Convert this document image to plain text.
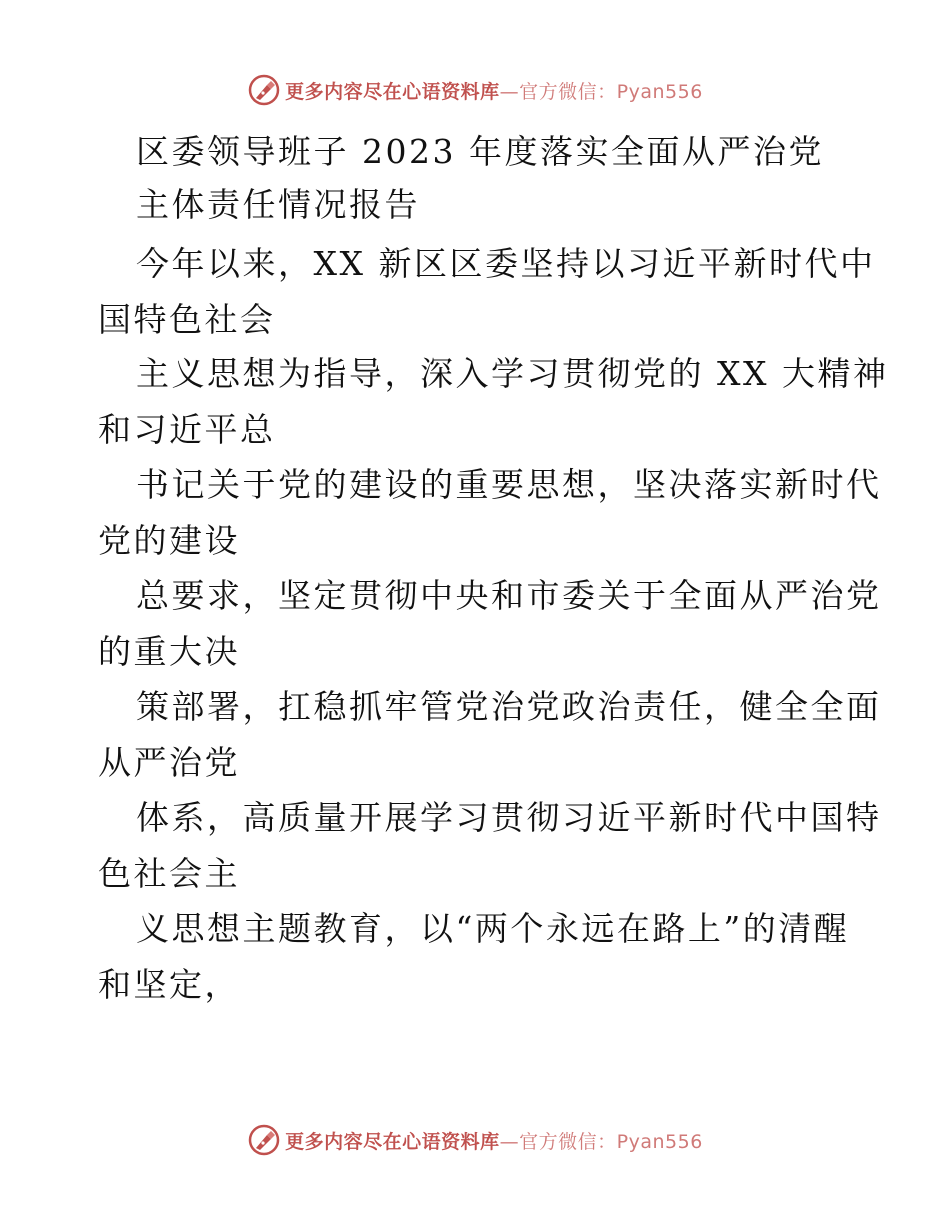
更多内容尽在心语资料库 —官方微信：Pyan556
区委领导班子 2023 年度落实全面从严治党
主体责任情况报告
今年以来，XX 新区区委坚持以习近平新时代中
国特色社会
主义思想为指导，深入学习贯彻党的 XX 大精神
和习近平总
书记关于党的建设的重要思想，坚决落实新时代
党的建设
总要求，坚定贯彻中央和市委关于全面从严治党
的重大决
策部署，扛稳抓牢管党治党政治责任，健全全面
从严治党
体系，高质量开展学习贯彻习近平新时代中国特
色社会主
义思想主题教育，以“两个永远在路上”的清醒
和坚定，
更多内容尽在心语资料库 —官方微信：Pyan556
